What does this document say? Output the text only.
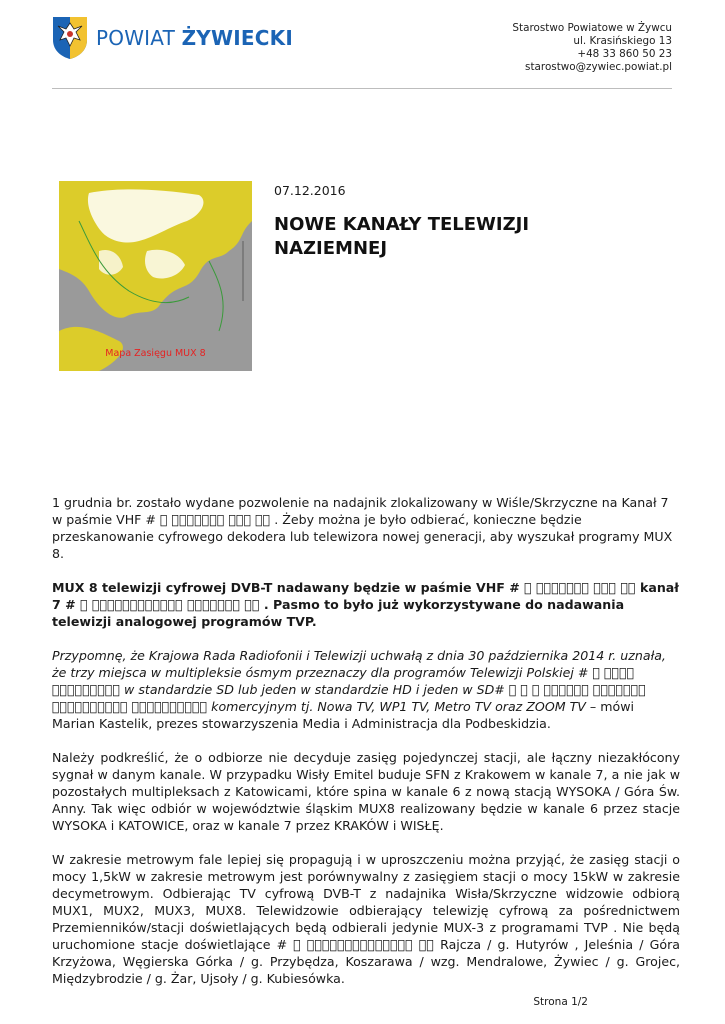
POWIAT ŻYWIECKI	Starostwo Powiatowe w Żywcu
ul. Krasińskiego 13
+48 33 860 50 23
starostwo@zywiec.powiat.pl
Mapa Zasięgu MUX 8
07.12.2016
NOWE KANAŁY TELEWIZJI NAZIEMNEJ

1 grudnia br. zostało wydane pozwolenie na nadajnik zlokalizowany w Wiśle/Skrzyczne na Kanał 7 w paśmie VHF #                  . Żeby można je było odbierać, konieczne będzie przeskanowanie cyfrowego dekodera lub telewizora nowej generacji, aby wyszukał programy MUX 8.

MUX 8 telewizji cyfrowej DVB-T nadawany będzie w paśmie VHF #                  kanał 7 #                           . Pasmo to było już wykorzystywane do nadawania telewizji analogowej programów TVP.

Przypomnę, że Krajowa Rada Radiofonii i Telewizji uchwałą z dnia 30 października 2014 r. uznała, że trzy miejsca w multipleksie ósmym przeznaczy dla programów Telewizji Polskiej #                  w standardzie SD lub jeden w standardzie HD i jeden w SD#                                            komercyjnym tj. Nowa TV, WP1 TV, Metro TV oraz ZOOM TV – mówi Marian Kastelik, prezes stowarzyszenia Media i Administracja dla Podbeskidzia.

Należy podkreślić, że o odbiorze nie decyduje zasięg pojedynczej stacji, ale łączny niezakłócony sygnał w danym kanale. W przypadku Wisły Emitel buduje SFN z Krakowem w kanale 7, a nie jak w pozostałych multipleksach z Katowicami, które spina w kanale 6 z nową stacją WYSOKA / Góra Św. Anny. Tak więc odbiór w województwie śląskim MUX8 realizowany będzie w kanale 6 przez stacje WYSOKA i KATOWICE, oraz w kanale 7 przez KRAKÓW i WISŁĘ.

W zakresie metrowym fale lepiej się propagują i w uproszczeniu można przyjąć, że zasięg stacji o mocy 1,5kW w zakresie metrowym jest porównywalny z zasięgiem stacji o mocy 15kW w zakresie decymetrowym. Odbierając TV cyfrową DVB-T z nadajnika Wisła/Skrzyczne widzowie odbiorą MUX1, MUX2, MUX3, MUX8. Telewidzowie odbierający telewizję cyfrową za pośrednictwem Przemienników/stacji doświetlających będą odbierali jedynie MUX-3 z programami TVP . Nie będą uruchomione stacje doświetlające #                     Rajcza / g. Hutyrów , Jeleśnia / Góra Krzyżowa, Węgierska Górka / g. Przybędza, Koszarawa / wzg. Mendralowe, Żywiec / g. Grojec, Międzybrodzie / g. Żar, Ujsoły / g. Kubiesówka.

Strona 1/2
